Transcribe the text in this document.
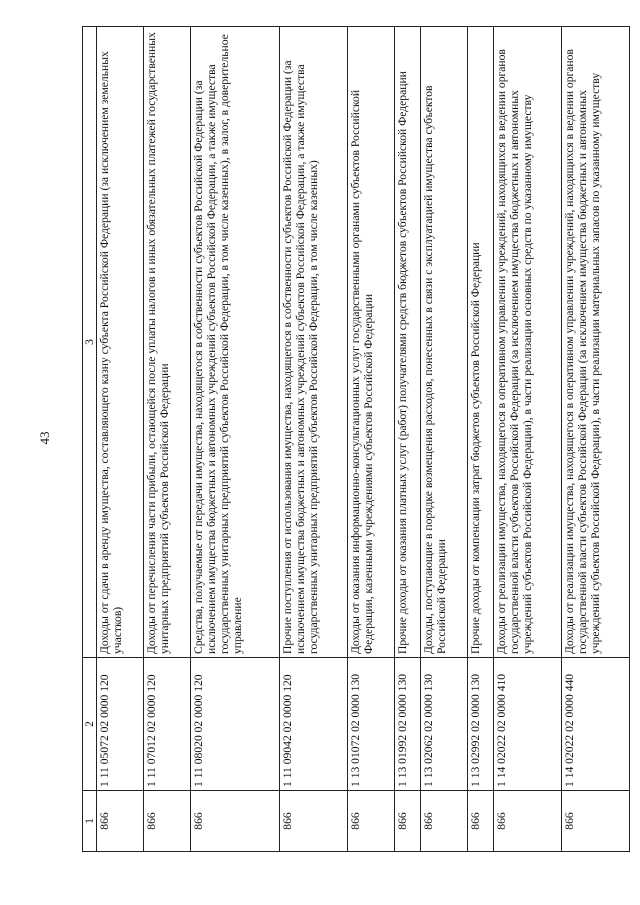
43
1	2	3
866	1 11 05072 02 0000 120	Доходы от сдачи в аренду имущества, составляющего казну субъекта Российской Федерации (за исключением земельных участков)
866	1 11 07012 02 0000 120	Доходы от перечисления части прибыли, остающейся после уплаты налогов и иных обязательных платежей государственных унитарных предприятий субъектов Российской Федерации
866	1 11 08020 02 0000 120	Средства, получаемые от передачи имущества, находящегося в собственности субъектов Российской Федерации (за исключением имущества бюджетных и автономных учреждений субъектов Российской Федерации, а также имущества государственных унитарных предприятий субъектов Российской Федерации, в том числе казенных), в залог, в доверительное управление
866	1 11 09042 02 0000 120	Прочие поступления от использования имущества, находящегося в собственности субъектов Российской Федерации (за исключением имущества бюджетных и автономных учреждений субъектов Российской Федерации, а также имущества государственных унитарных предприятий субъектов Российской Федерации, в том числе казенных)
866	1 13 01072 02 0000 130	Доходы от оказания информационно-консультационных услуг государственными органами субъектов Российской Федерации, казенными учреждениями субъектов Российской Федерации
866	1 13 01992 02 0000 130	Прочие доходы от оказания платных услуг (работ) получателями средств бюджетов субъектов Российской Федерации
866	1 13 02062 02 0000 130	Доходы, поступающие в порядке возмещения расходов, понесенных в связи с эксплуатацией имущества субъектов Российской Федерации
866	1 13 02992 02 0000 130	Прочие доходы от компенсации затрат бюджетов субъектов Российской Федерации
866	1 14 02022 02 0000 410	Доходы от реализации имущества, находящегося в оперативном управлении учреждений, находящихся в ведении органов государственной власти субъектов Российской Федерации (за исключением имущества бюджетных и автономных учреждений субъектов Российской Федерации), в части реализации основных средств по указанному имуществу
866	1 14 02022 02 0000 440	Доходы от реализации имущества, находящегося в оперативном управлении учреждений, находящихся в ведении органов государственной власти субъектов Российской Федерации (за исключением имущества бюджетных и автономных учреждений субъектов Российской Федерации), в части реализации материальных запасов по указанному имуществу
